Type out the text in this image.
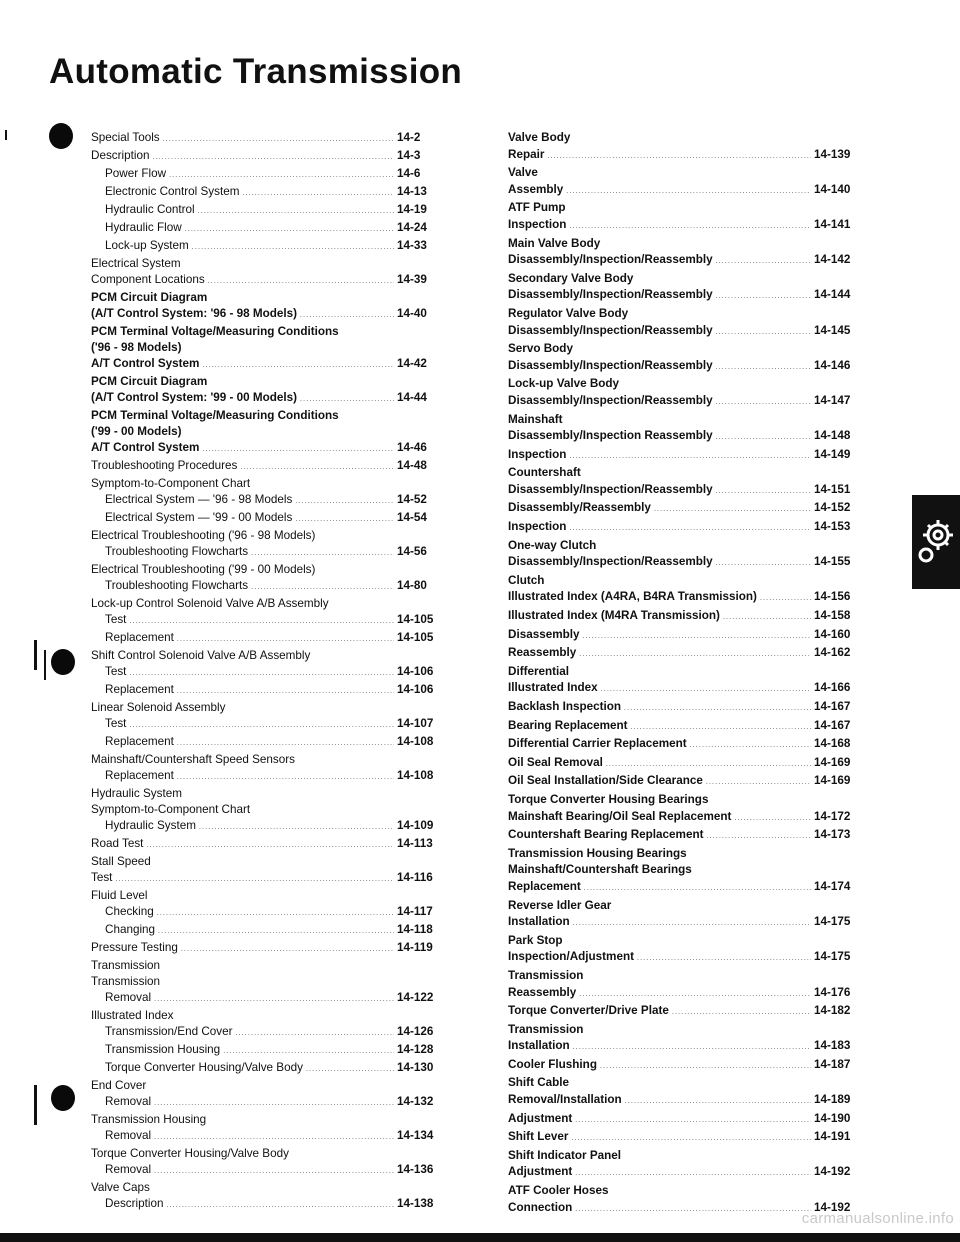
Automatic Transmission
Special Tools . . .	14-2
Description . . .	14-3
Power Flow . . .	14-6
Electronic Control System . . .	14-13
Hydraulic Control . . .	14-19
Hydraulic Flow . . .	14-24
Lock-up System . . .	14-33
Electrical System
Component Locations . . .	14-39
PCM Circuit Diagram
(A/T Control System: '96 - 98 Models) . . .	14-40
PCM Terminal Voltage/Measuring Conditions
('96 - 98 Models)
A/T Control System . . .	14-42
PCM Circuit Diagram
(A/T Control System: '99 - 00 Models) . . .	14-44
PCM Terminal Voltage/Measuring Conditions
('99 - 00 Models)
A/T Control System . . .	14-46
Troubleshooting Procedures . . .	14-48
Symptom-to-Component Chart
Electrical System — '96 - 98 Models . . .	14-52
Electrical System — '99 - 00 Models . . .	14-54
Electrical Troubleshooting ('96 - 98 Models)
Troubleshooting Flowcharts . . .	14-56
Electrical Troubleshooting ('99 - 00 Models)
Troubleshooting Flowcharts . . .	14-80
Lock-up Control Solenoid Valve A/B Assembly
Test . . .	14-105
Replacement . . .	14-105
Shift Control Solenoid Valve A/B Assembly
Test . . .	14-106
Replacement . . .	14-106
Linear Solenoid Assembly
Test . . .	14-107
Replacement . . .	14-108
Mainshaft/Countershaft Speed Sensors
Replacement . . .	14-108
Hydraulic System
Symptom-to-Component Chart
Hydraulic System . . .	14-109
Road Test . . .	14-113
Stall Speed
Test . . .	14-116
Fluid Level
Checking . . .	14-117
Changing . . .	14-118
Pressure Testing . . .	14-119
Transmission
Transmission
Removal . . .	14-122
Illustrated Index
Transmission/End Cover . . .	14-126
Transmission Housing . . .	14-128
Torque Converter Housing/Valve Body . . .	14-130
End Cover
Removal . . .	14-132
Transmission Housing
Removal . . .	14-134
Torque Converter Housing/Valve Body
Removal . . .	14-136
Valve Caps
Description . . .	14-138
Valve Body
Repair . . .	14-139
Valve
Assembly . . .	14-140
ATF Pump
Inspection . . .	14-141
Main Valve Body
Disassembly/Inspection/Reassembly . . .	14-142
Secondary Valve Body
Disassembly/Inspection/Reassembly . . .	14-144
Regulator Valve Body
Disassembly/Inspection/Reassembly . . .	14-145
Servo Body
Disassembly/Inspection/Reassembly . . .	14-146
Lock-up Valve Body
Disassembly/Inspection/Reassembly . . .	14-147
Mainshaft
Disassembly/Inspection Reassembly . . .	14-148
Inspection . . .	14-149
Countershaft
Disassembly/Inspection/Reassembly . . .	14-151
Disassembly/Reassembly . . .	14-152
Inspection . . .	14-153
One-way Clutch
Disassembly/Inspection/Reassembly . . .	14-155
Clutch
Illustrated Index (A4RA, B4RA Transmission) . . .	14-156
Illustrated Index (M4RA Transmission) . . .	14-158
Disassembly . . .	14-160
Reassembly . . .	14-162
Differential
Illustrated Index . . .	14-166
Backlash Inspection . . .	14-167
Bearing Replacement . . .	14-167
Differential Carrier Replacement . . .	14-168
Oil Seal Removal . . .	14-169
Oil Seal Installation/Side Clearance . . .	14-169
Torque Converter Housing Bearings
Mainshaft Bearing/Oil Seal Replacement . . .	14-172
Countershaft Bearing Replacement . . .	14-173
Transmission Housing Bearings
Mainshaft/Countershaft Bearings
Replacement . . .	14-174
Reverse Idler Gear
Installation . . .	14-175
Park Stop
Inspection/Adjustment . . .	14-175
Transmission
Reassembly . . .	14-176
Torque Converter/Drive Plate . . .	14-182
Transmission
Installation . . .	14-183
Cooler Flushing . . .	14-187
Shift Cable
Removal/Installation . . .	14-189
Adjustment . . .	14-190
Shift Lever . . .	14-191
Shift Indicator Panel
Adjustment . . .	14-192
ATF Cooler Hoses
Connection . . .	14-192
carmanualsonline.info
